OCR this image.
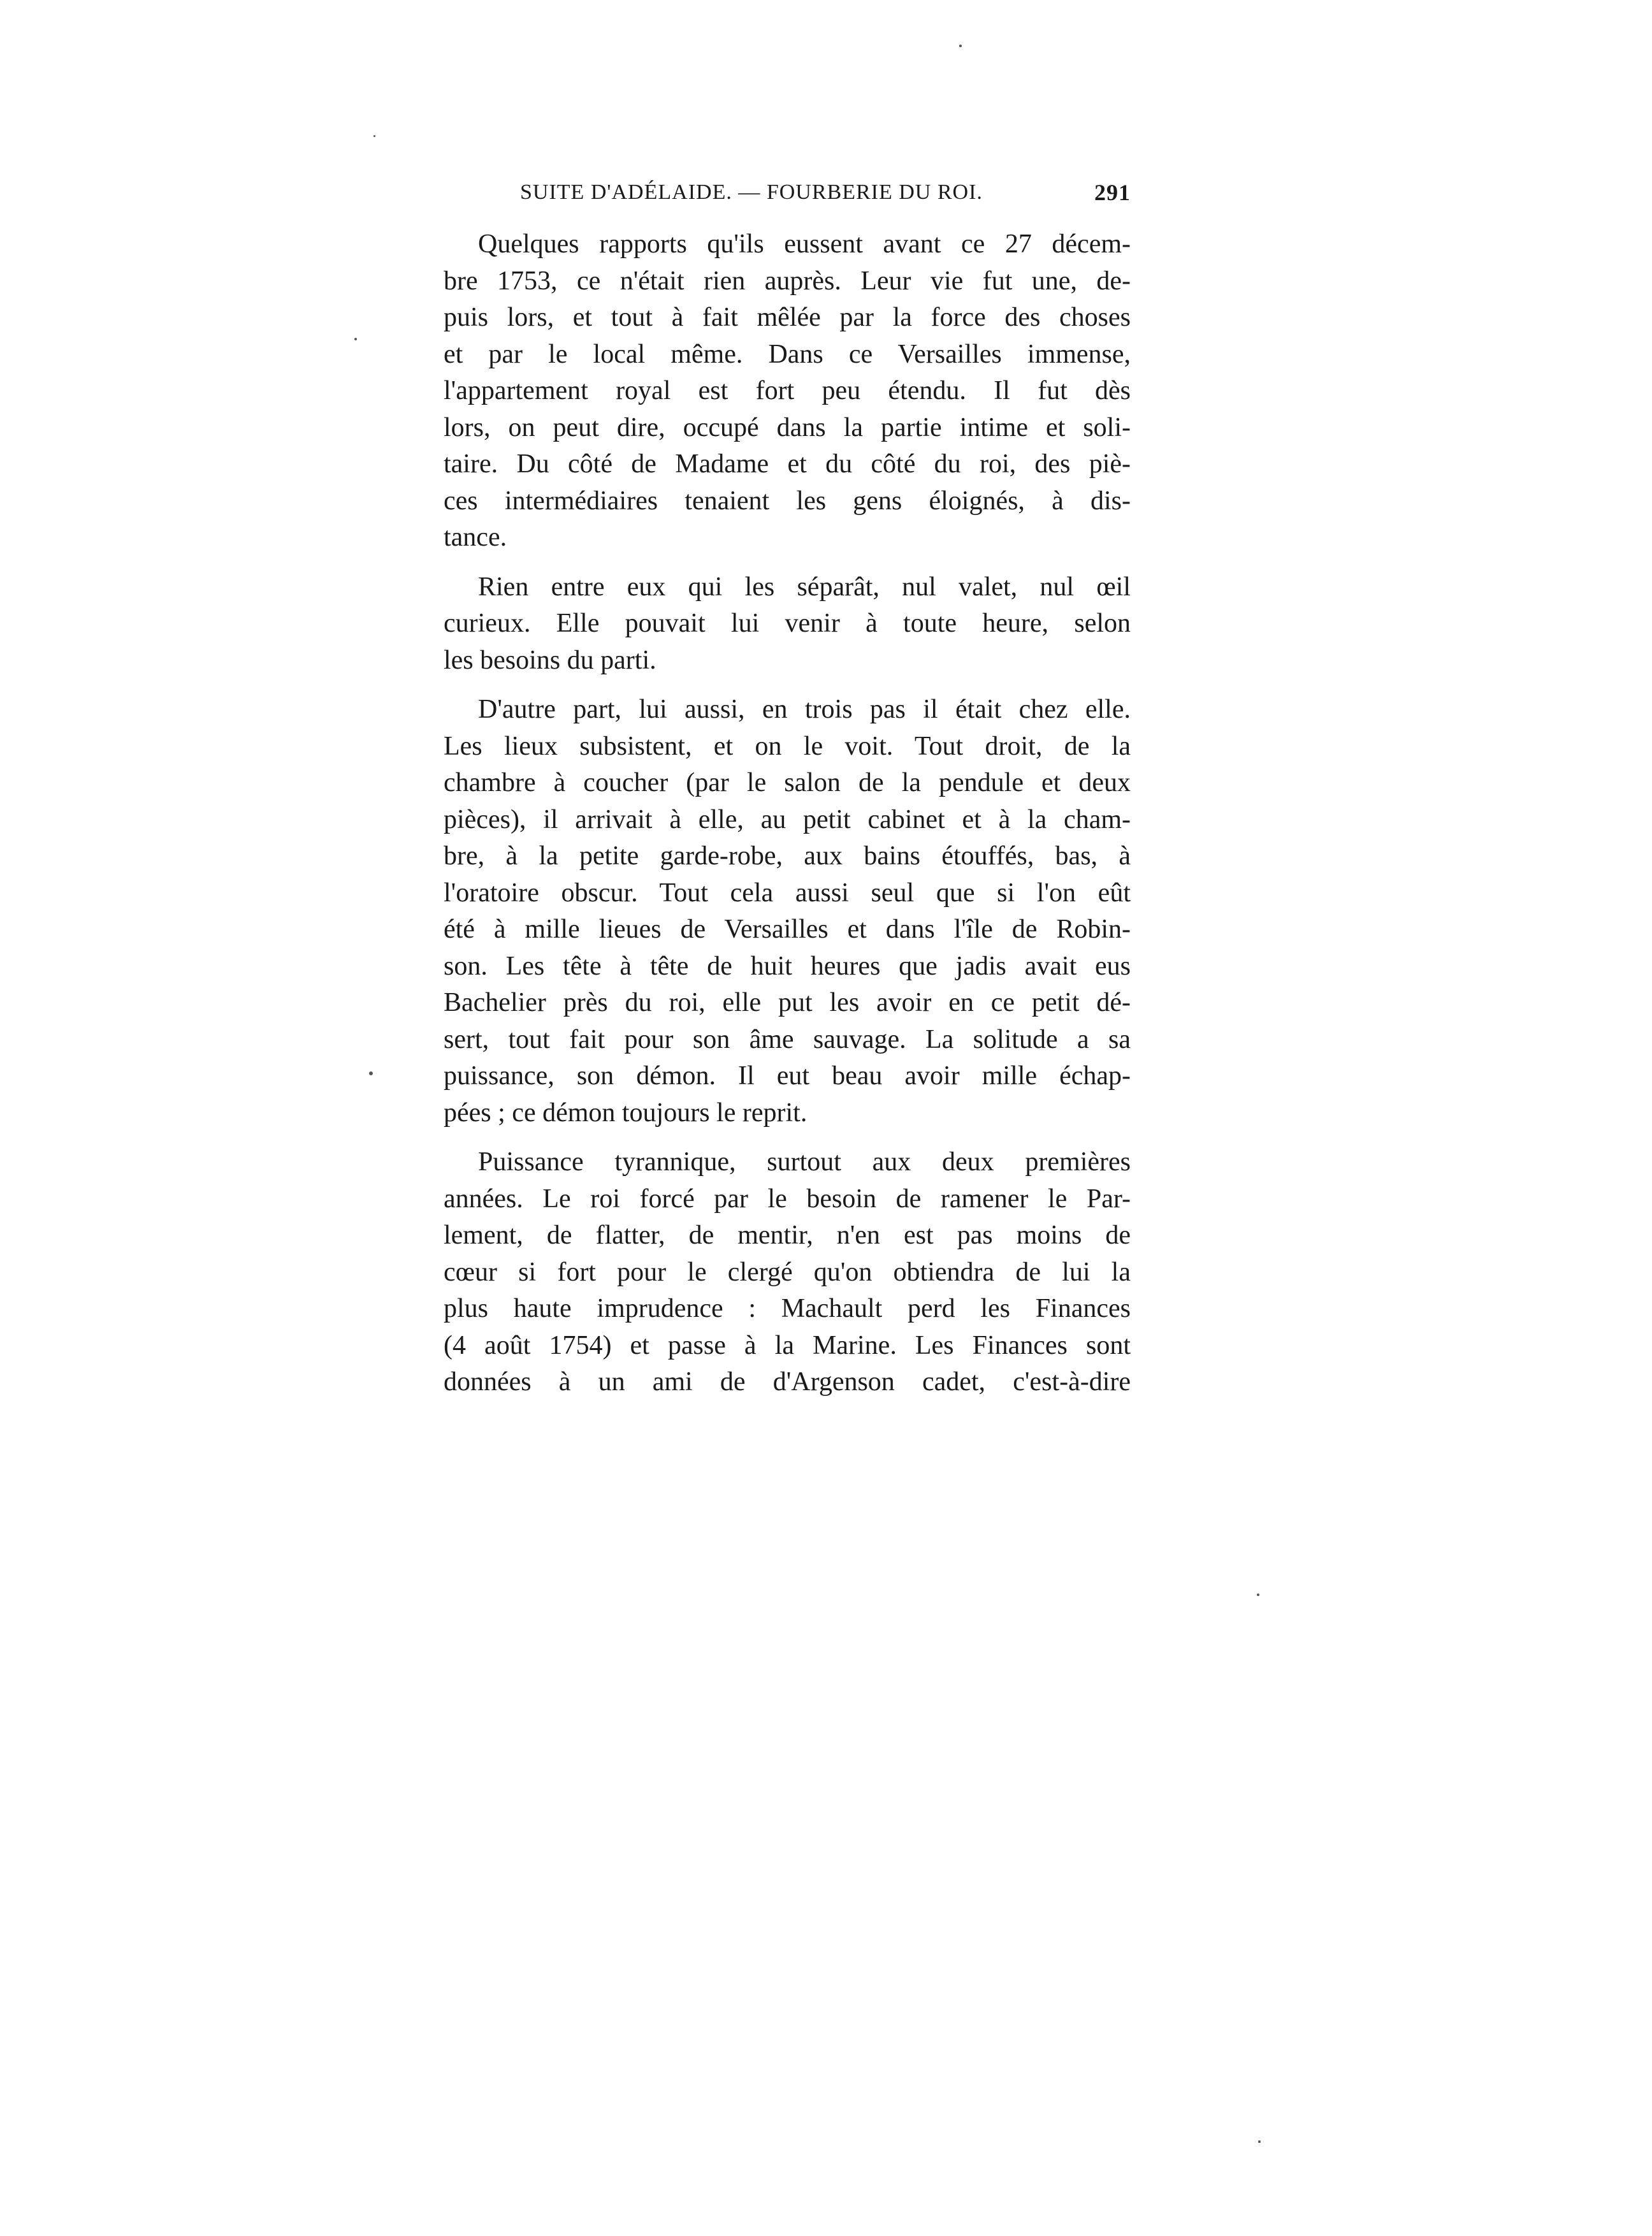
SUITE D'ADÉLAIDE. — FOURBERIE DU ROI.	291
Quelques rapports qu'ils eussent avant ce 27 décem-
bre 1753, ce n'était rien auprès. Leur vie fut une, de-
puis lors, et tout à fait mêlée par la force des choses
et par le local même. Dans ce Versailles immense,
l'appartement royal est fort peu étendu. Il fut dès
lors, on peut dire, occupé dans la partie intime et soli-
taire. Du côté de Madame et du côté du roi, des piè-
ces intermédiaires tenaient les gens éloignés, à dis-
tance.
Rien entre eux qui les séparât, nul valet, nul œil
curieux. Elle pouvait lui venir à toute heure, selon
les besoins du parti.
D'autre part, lui aussi, en trois pas il était chez elle.
Les lieux subsistent, et on le voit. Tout droit, de la
chambre à coucher (par le salon de la pendule et deux
pièces), il arrivait à elle, au petit cabinet et à la cham-
bre, à la petite garde-robe, aux bains étouffés, bas, à
l'oratoire obscur. Tout cela aussi seul que si l'on eût
été à mille lieues de Versailles et dans l'île de Robin-
son. Les tête à tête de huit heures que jadis avait eus
Bachelier près du roi, elle put les avoir en ce petit dé-
sert, tout fait pour son âme sauvage. La solitude a sa
puissance, son démon. Il eut beau avoir mille échap-
pées ; ce démon toujours le reprit.
Puissance tyrannique, surtout aux deux premières
années. Le roi forcé par le besoin de ramener le Par-
lement, de flatter, de mentir, n'en est pas moins de
cœur si fort pour le clergé qu'on obtiendra de lui la
plus haute imprudence : Machault perd les Finances
(4 août 1754) et passe à la Marine. Les Finances sont
données à un ami de d'Argenson cadet, c'est-à-dire
